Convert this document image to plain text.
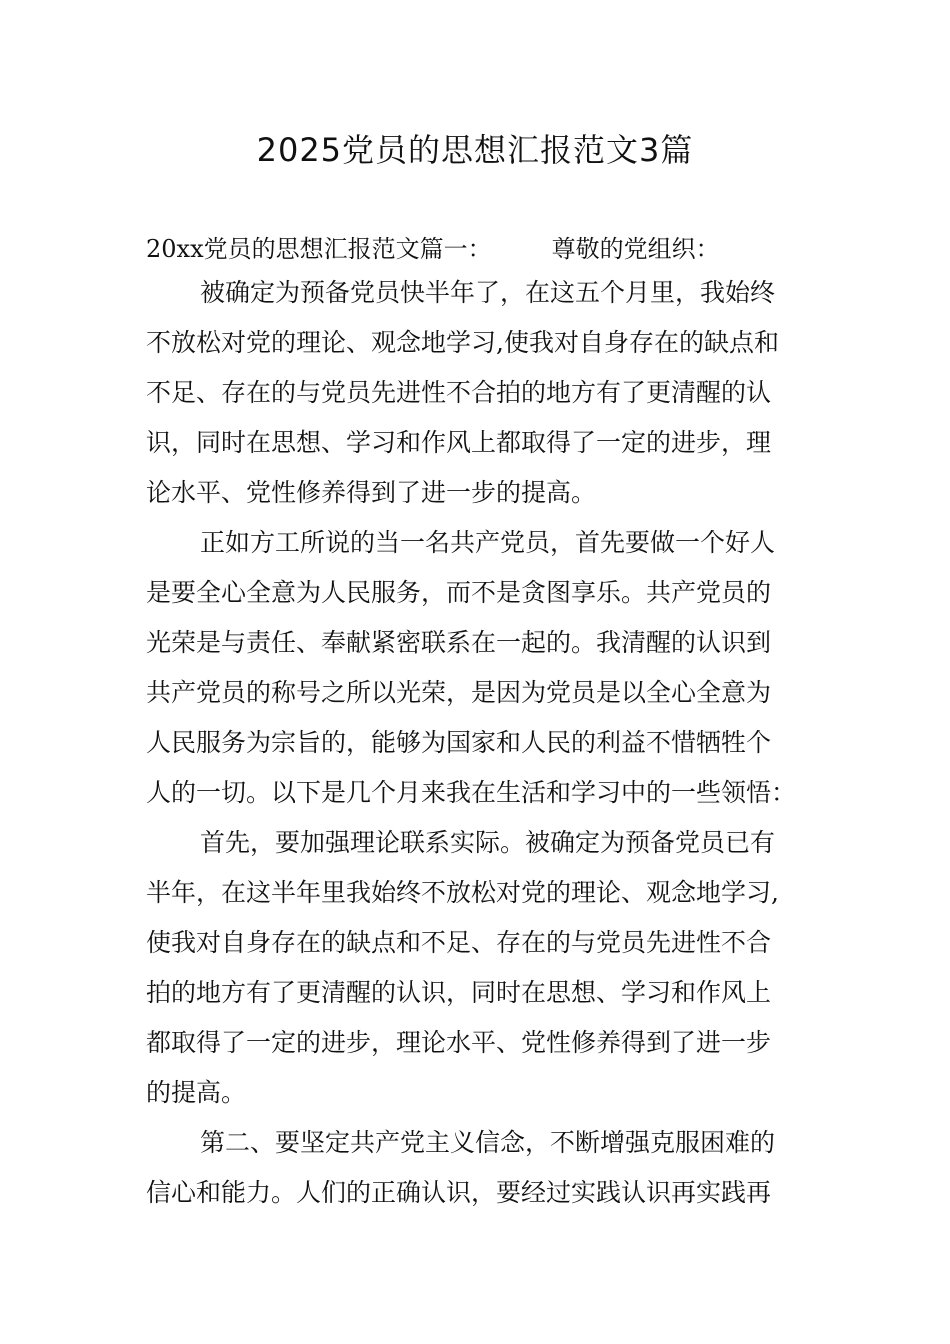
2025党员的思想汇报范文3篇
20xx党员的思想汇报范文篇一：	尊敬的党组织：
被确定为预备党员快半年了，在这五个月里，我始终
不放松对党的理论、观念地学习,使我对自身存在的缺点和
不足、存在的与党员先进性不合拍的地方有了更清醒的认
识，同时在思想、学习和作风上都取得了一定的进步，理
论水平、党性修养得到了进一步的提高。
正如方工所说的当一名共产党员，首先要做一个好人
是要全心全意为人民服务，而不是贪图享乐。共产党员的
光荣是与责任、奉献紧密联系在一起的。我清醒的认识到
共产党员的称号之所以光荣，是因为党员是以全心全意为
人民服务为宗旨的，能够为国家和人民的利益不惜牺牲个
人的一切。以下是几个月来我在生活和学习中的一些领悟：
首先，要加强理论联系实际。被确定为预备党员已有
半年，在这半年里我始终不放松对党的理论、观念地学习,
使我对自身存在的缺点和不足、存在的与党员先进性不合
拍的地方有了更清醒的认识，同时在思想、学习和作风上
都取得了一定的进步，理论水平、党性修养得到了进一步
的提高。
第二、要坚定共产党主义信念，不断增强克服困难的
信心和能力。人们的正确认识，要经过实践认识再实践再
